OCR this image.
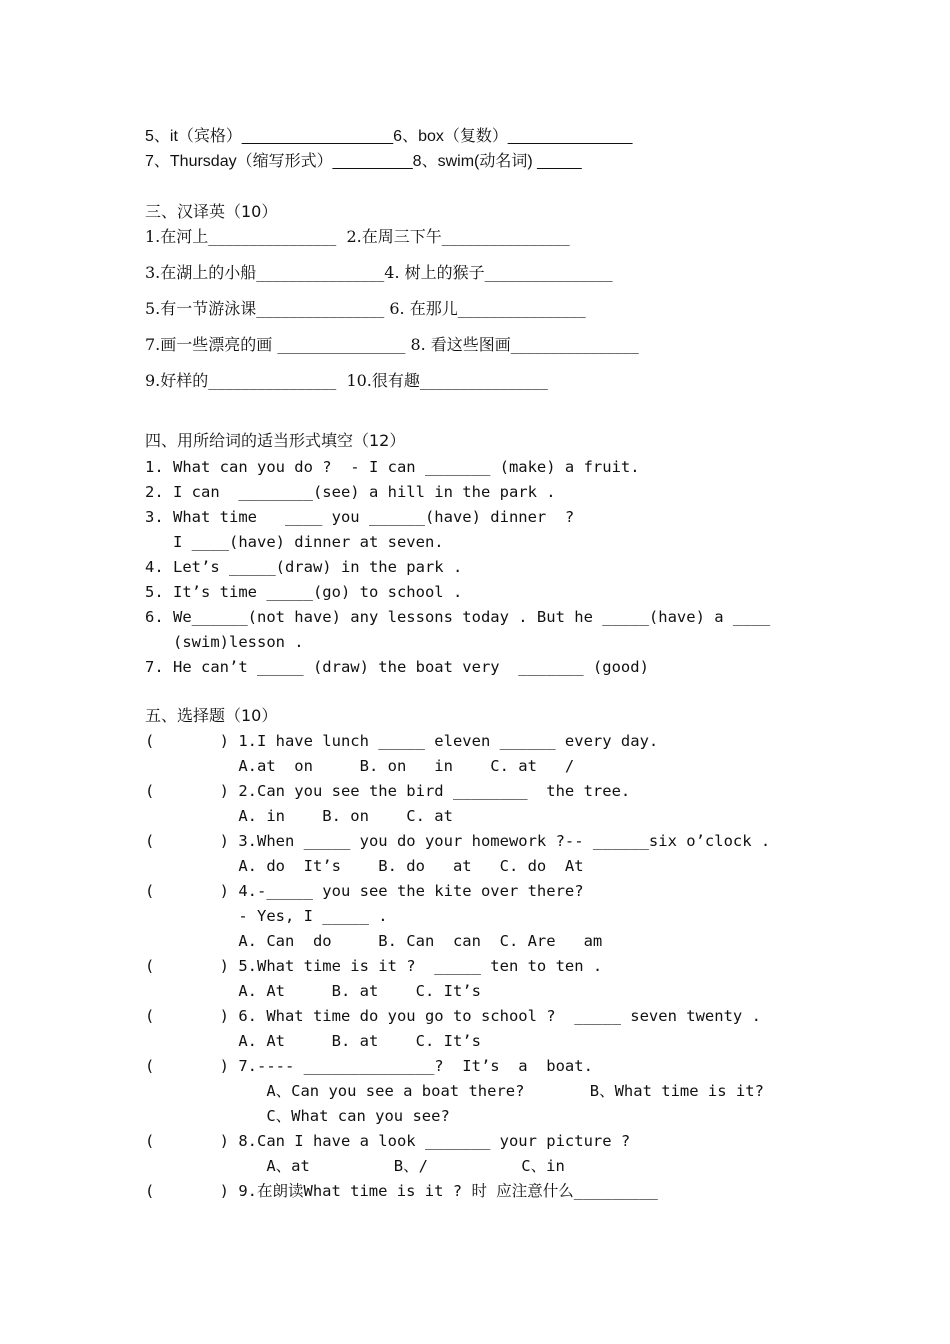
5、it（宾格）_________________6、box（复数）______________
7、Thursday（缩写形式）_________8、swim(动名词) _____
三、汉译英（10）
1.在河上________________  2.在周三下午________________
3.在湖上的小船________________4. 树上的猴子________________
5.有一节游泳课________________ 6. 在那儿________________
7.画一些漂亮的画 ________________ 8. 看这些图画________________
9.好样的________________  10.很有趣________________
四、用所给词的适当形式填空（12）
1. What can you do ?  - I can _______ (make) a fruit.
2. I can  ________(see) a hill in the park .
3. What time   ____ you ______(have) dinner  ?
I ____(have) dinner at seven.
4. Let’s _____(draw) in the park .
5. It’s time _____(go) to school .
6. We______(not have) any lessons today . But he _____(have) a ____
(swim)lesson .
7. He can’t _____ (draw) the boat very  _______ (good)
五、选择题（10）
(       ) 1.I have lunch _____ eleven ______ every day.
A.at  on     B. on   in    C. at   /
(       ) 2.Can you see the bird ________  the tree.
A. in    B. on    C. at
(       ) 3.When _____ you do your homework ?-- ______six o’clock .
A. do  It’s    B. do   at   C. do  At
(       ) 4.-_____ you see the kite over there?
- Yes, I _____ .
A. Can  do     B. Can  can  C. Are   am
(       ) 5.What time is it ?  _____ ten to ten .
A. At     B. at    C. It’s
(       ) 6. What time do you go to school ?  _____ seven twenty .
A. At     B. at    C. It’s
(       ) 7.---- ______________?  It’s  a  boat.
A、Can you see a boat there?       B、What time is it?
C、What can you see?
(       ) 8.Can I have a look _______ your picture ?
A、at         B、/          C、in
(       ) 9.在朗读What time is it ? 时 应注意什么_________
